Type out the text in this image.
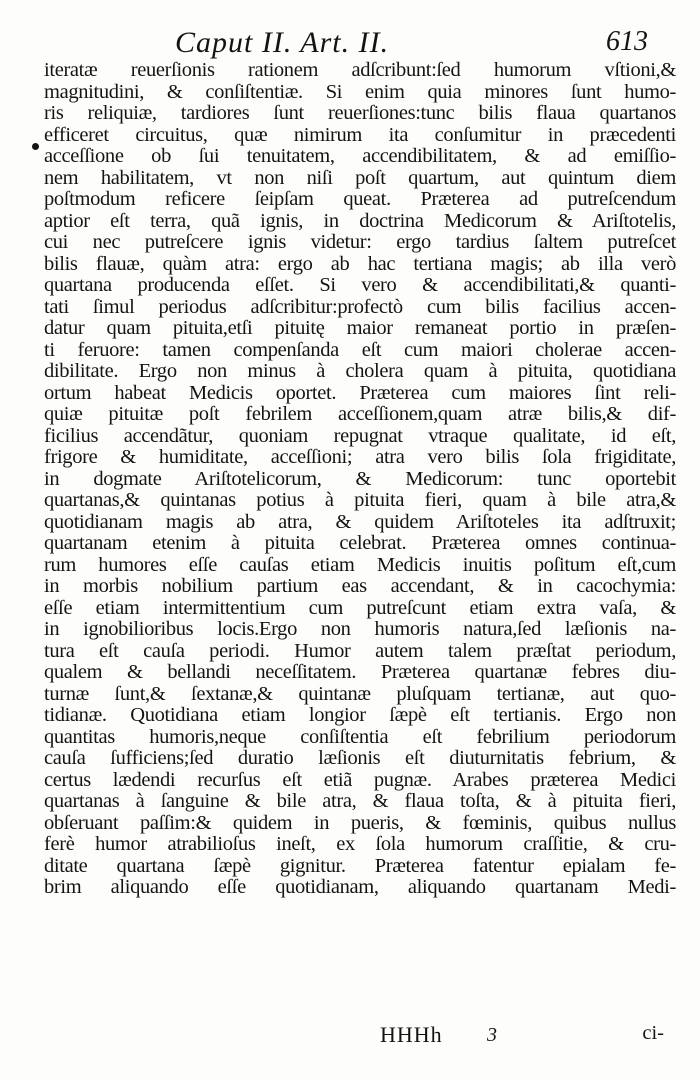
Caput II. Art. II.	613
iteratæ reuerſionis rationem adſcribunt:ſed humorum vſtioni,&
magnitudini, & conſiſtentiæ. Si enim quia minores ſunt humo-
ris reliquiæ, tardiores ſunt reuerſiones:tunc bilis flaua quartanos
efficeret circuitus, quæ nimirum ita conſumitur in præcedenti
acceſſione ob ſui tenuitatem, accendibilitatem, & ad emiſſio-
nem habilitatem, vt non niſi poſt quartum, aut quintum diem
poſtmodum reficere ſeipſam queat. Præterea ad putreſcendum
aptior eſt terra, quã ignis, in doctrina Medicorum & Ariſtotelis,
cui nec putreſcere ignis videtur: ergo tardius ſaltem putreſcet
bilis flauæ, quàm atra: ergo ab hac tertiana magis; ab illa verò
quartana producenda eſſet. Si vero & accendibilitati,& quanti-
tati ſimul periodus adſcribitur:profectò cum bilis facilius accen-
datur quam pituita,etſi pituitę maior remaneat portio in præſen-
ti feruore: tamen compenſanda eſt cum maiori cholerae accen-
dibilitate. Ergo non minus à cholera quam à pituita, quotidiana
ortum habeat Medicis oportet. Præterea cum maiores ſint reli-
quiæ pituitæ poſt febrilem acceſſionem,quam atræ bilis,& dif-
ficilius accendãtur, quoniam repugnat vtraque qualitate, id eſt,
frigore & humiditate, acceſſioni; atra vero bilis ſola frigiditate,
in dogmate Ariſtotelicorum, & Medicorum: tunc oportebit
quartanas,& quintanas potius à pituita fieri, quam à bile atra,&
quotidianam magis ab atra, & quidem Ariſtoteles ita adſtruxit;
quartanam etenim à pituita celebrat. Præterea omnes continua-
rum humores eſſe cauſas etiam Medicis inuitis poſitum eſt,cum
in morbis nobilium partium eas accendant, & in cacochymia:
eſſe etiam intermittentium cum putreſcunt etiam extra vaſa, &
in ignobilioribus locis.Ergo non humoris natura,ſed læſionis na-
tura eſt cauſa periodi. Humor autem talem præſtat periodum,
qualem & bellandi neceſſitatem. Præterea quartanæ febres diu-
turnæ ſunt,& ſextanæ,& quintanæ pluſquam tertianæ, aut quo-
tidianæ. Quotidiana etiam longior ſæpè eſt tertianis. Ergo non
quantitas humoris,neque conſiſtentia eſt febrilium periodorum
cauſa ſufficiens;ſed duratio læſionis eſt diuturnitatis febrium, &
certus lædendi recurſus eſt etiã pugnæ. Arabes præterea Medici
quartanas à ſanguine & bile atra, & flaua toſta, & à pituita fieri,
obſeruant paſſim:& quidem in pueris, & fœminis, quibus nullus
ferè humor atrabilioſus ineſt, ex ſola humorum craſſitie, & cru-
ditate quartana ſæpè gignitur. Præterea fatentur epialam fe-
brim aliquando eſſe quotidianam, aliquando quartanam Medi-
HHHh 3	ci-
